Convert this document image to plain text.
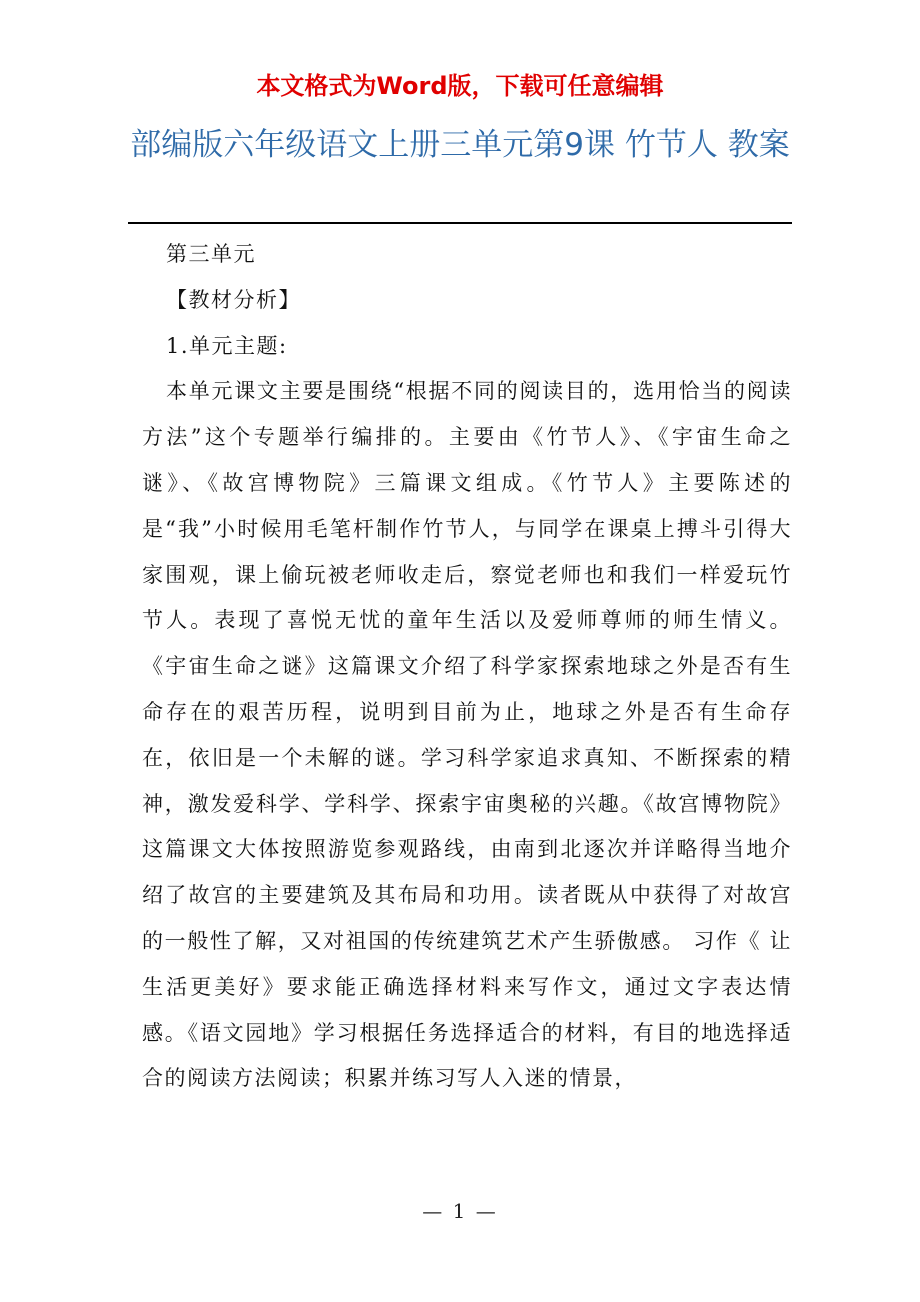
本文格式为Word版，下载可任意编辑
部编版六年级语文上册三单元第9课 竹节人 教案
第三单元
【教材分析】
1.单元主题:

本单元课文主要是围绕“根据不同的阅读目的，选用恰当的阅读方法”这个专题举行编排的。主要由《竹节人》、《宇宙生命之谜》、《故宫博物院》三篇课文组成。《竹节人》主要陈述的是“我”小时候用毛笔杆制作竹节人，与同学在课桌上搏斗引得大家围观，课上偷玩被老师收走后，察觉老师也和我们一样爱玩竹节人。表现了喜悦无忧的童年生活以及爱师尊师的师生情义。 《宇宙生命之谜》这篇课文介绍了科学家探索地球之外是否有生命存在的艰苦历程，说明到目前为止，地球之外是否有生命存在，依旧是一个未解的谜。学习科学家追求真知、不断探索的精神，激发爱科学、学科学、探索宇宙奥秘的兴趣。《故宫博物院》这篇课文大体按照游览参观路线，由南到北逐次并详略得当地介绍了故宫的主要建筑及其布局和功用。读者既从中获得了对故宫的一般性了解，又对祖国的传统建筑艺术产生骄傲感。 习作《 让生活更美好》要求能正确选择材料来写作文，通过文字表达情感。《语文园地》学习根据任务选择适合的材料，有目的地选择适合的阅读方法阅读；积累并练习写人入迷的情景，

— 1 —
